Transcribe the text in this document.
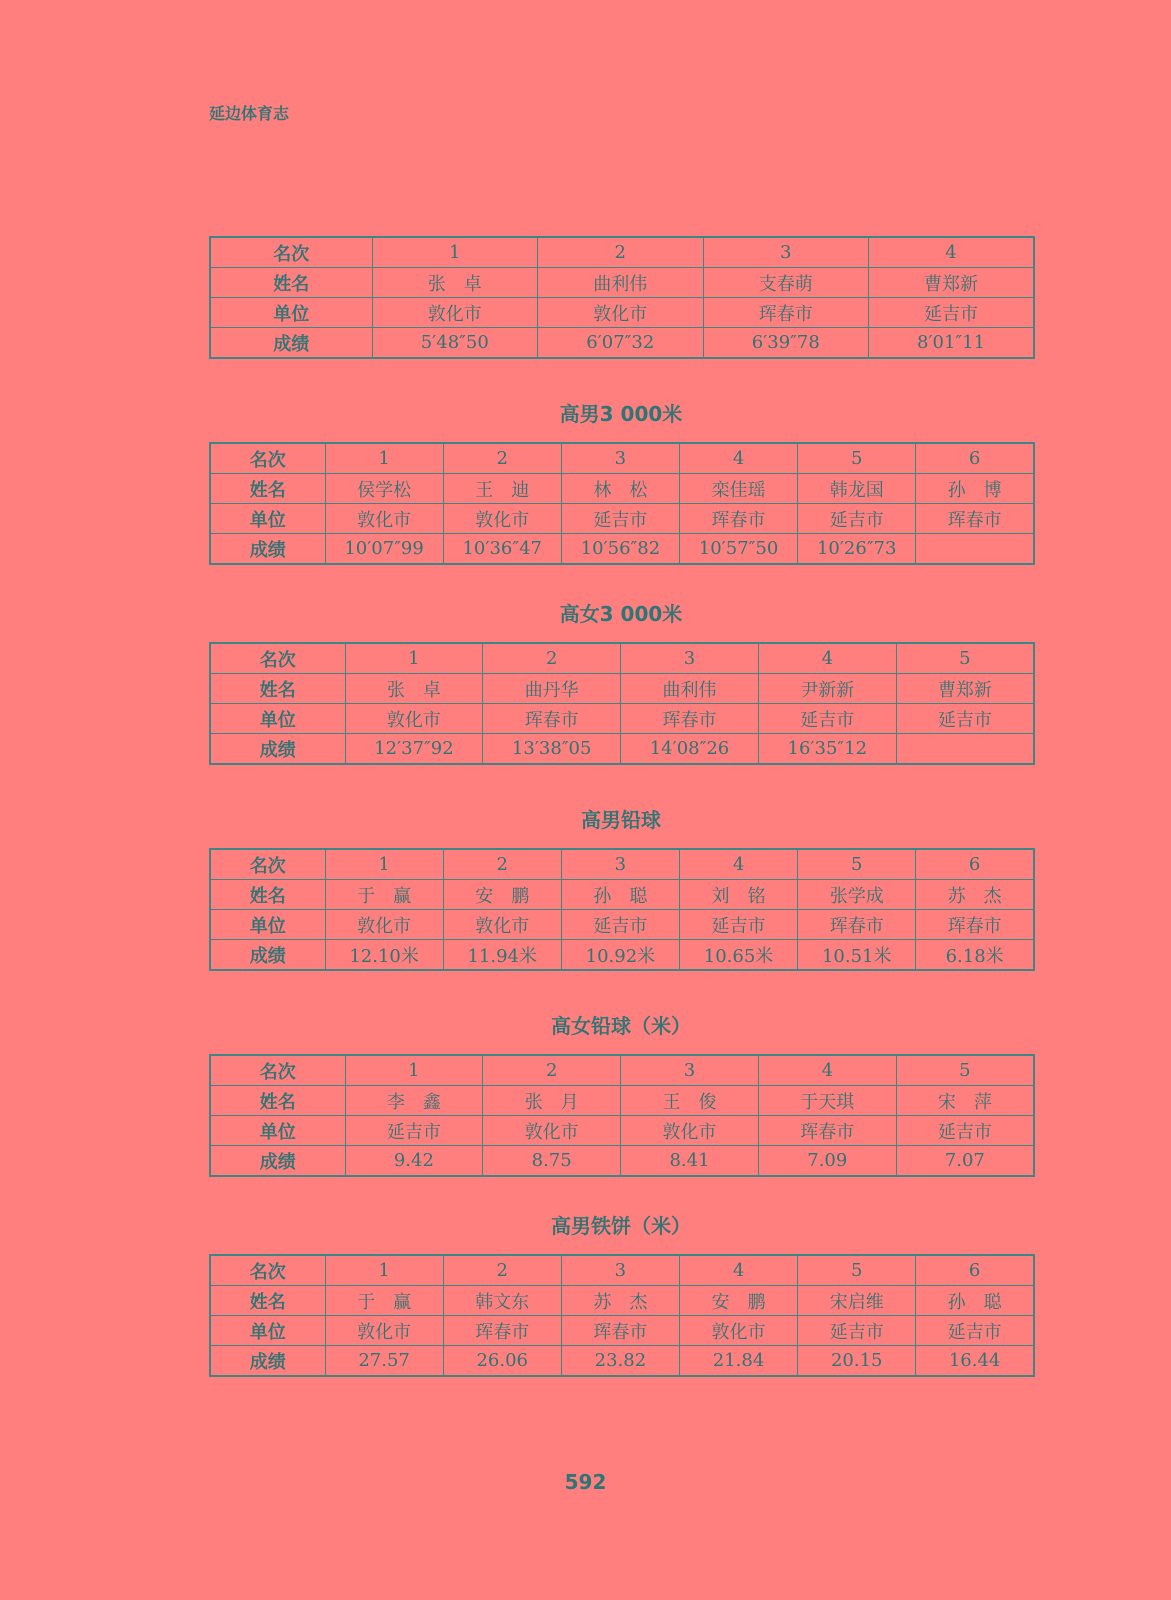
延边体育志
名次	1	2	3	4
姓名	张　卓	曲利伟	支春萌	曹郑新
单位	敦化市	敦化市	珲春市	延吉市
成绩	5′48″50	6′07″32	6′39″78	8′01″11
高男3 000米
名次	1	2	3	4	5	6
姓名	侯学松	王　迪	林　松	栾佳瑶	韩龙国	孙　博
单位	敦化市	敦化市	延吉市	珲春市	延吉市	珲春市
成绩	10′07″99	10′36″47	10′56″82	10′57″50	10′26″73	
高女3 000米
名次	1	2	3	4	5
姓名	张　卓	曲丹华	曲利伟	尹新新	曹郑新
单位	敦化市	珲春市	珲春市	延吉市	延吉市
成绩	12′37″92	13′38″05	14′08″26	16′35″12	
高男铅球
名次	1	2	3	4	5	6
姓名	于　赢	安　鹏	孙　聪	刘　铭	张学成	苏　杰
单位	敦化市	敦化市	延吉市	延吉市	珲春市	珲春市
成绩	12.10米	11.94米	10.92米	10.65米	10.51米	6.18米
高女铅球（米）
名次	1	2	3	4	5
姓名	李　鑫	张　月	王　俊	于天琪	宋　萍
单位	延吉市	敦化市	敦化市	珲春市	延吉市
成绩	9.42	8.75	8.41	7.09	7.07
高男铁饼（米）
名次	1	2	3	4	5	6
姓名	于　赢	韩文东	苏　杰	安　鹏	宋启维	孙　聪
单位	敦化市	珲春市	珲春市	敦化市	延吉市	延吉市
成绩	27.57	26.06	23.82	21.84	20.15	16.44
592
